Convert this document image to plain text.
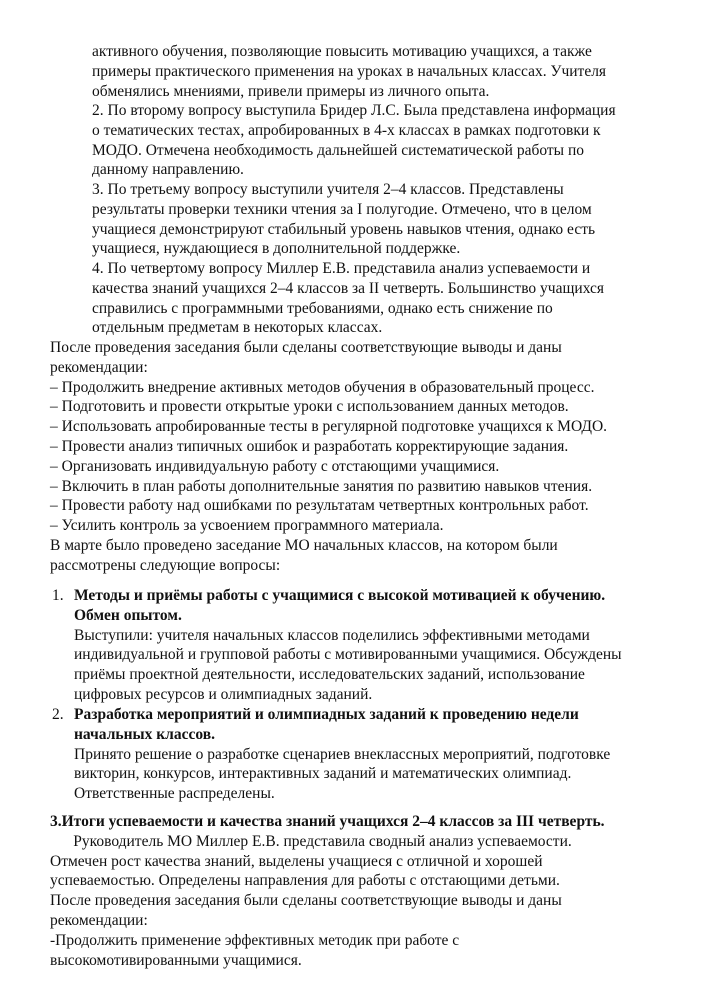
активного обучения, позволяющие повысить мотивацию учащихся, а также

примеры практического применения на уроках в начальных классах. Учителя

обменялись мнениями, привели примеры из личного опыта.

2. По второму вопросу выступила Бридер Л.С. Была представлена информация

о тематических тестах, апробированных в 4-х классах в рамках подготовки к

МОДО. Отмечена необходимость дальнейшей систематической работы по

данному направлению.

3. По третьему вопросу выступили учителя 2–4 классов. Представлены

результаты проверки техники чтения за I полугодие. Отмечено, что в целом

учащиеся демонстрируют стабильный уровень навыков чтения, однако есть

учащиеся, нуждающиеся в дополнительной поддержке.

4. По четвертому вопросу Миллер Е.В. представила анализ успеваемости и

качества знаний учащихся 2–4 классов за II четверть. Большинство учащихся

справились с программными требованиями, однако есть снижение по

отдельным предметам в некоторых классах.

После проведения заседания были сделаны соответствующие выводы и даны

рекомендации:

– Продолжить внедрение активных методов обучения в образовательный процесс.

– Подготовить и провести открытые уроки с использованием данных методов.

– Использовать апробированные тесты в регулярной подготовке учащихся к МОДО.

– Провести анализ типичных ошибок и разработать корректирующие задания.

– Организовать индивидуальную работу с отстающими учащимися.

– Включить в план работы дополнительные занятия по развитию навыков чтения.

– Провести работу над ошибками по результатам четвертных контрольных работ.

– Усилить контроль за усвоением программного материала.

В марте было проведено заседание МО начальных классов, на котором были

рассмотрены следующие вопросы:

1. Методы и приёмы работы с учащимися с высокой мотивацией к обучению.

Обмен опытом.

Выступили: учителя начальных классов поделились эффективными методами

индивидуальной и групповой работы с мотивированными учащимися. Обсуждены

приёмы проектной деятельности, исследовательских заданий, использование

цифровых ресурсов и олимпиадных заданий.

2. Разработка мероприятий и олимпиадных заданий к проведению недели

начальных классов.

Принято решение о разработке сценариев внеклассных мероприятий, подготовке

викторин, конкурсов, интерактивных заданий и математических олимпиад.

Ответственные распределены.

3.Итоги успеваемости и качества знаний учащихся 2–4 классов за III четверть.

Руководитель МО Миллер Е.В. представила сводный анализ успеваемости.

Отмечен рост качества знаний, выделены учащиеся с отличной и хорошей

успеваемостью. Определены направления для работы с отстающими детьми.

После проведения заседания были сделаны соответствующие выводы и даны

рекомендации:

-Продолжить применение эффективных методик при работе с

высокомотивированными учащимися.
